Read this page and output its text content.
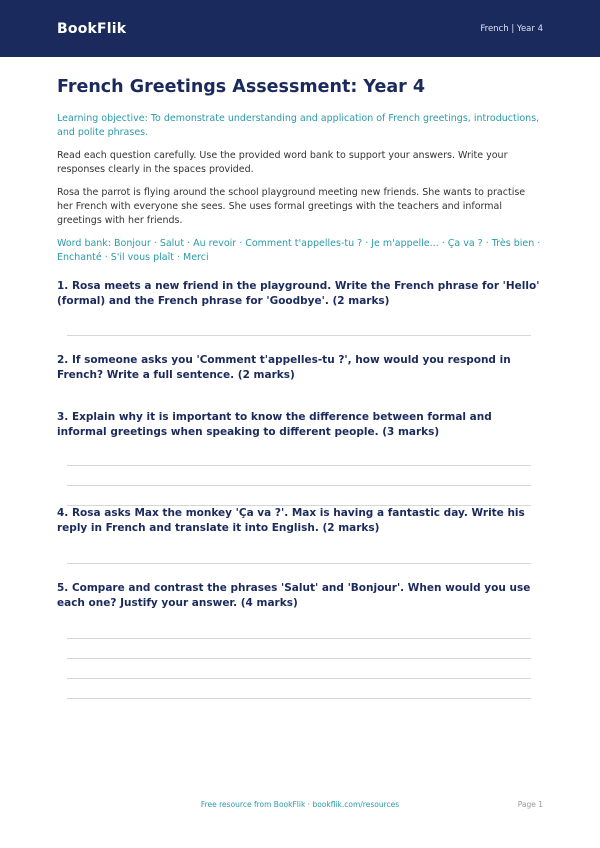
BookFlik	French | Year 4
French Greetings Assessment: Year 4

Learning objective: To demonstrate understanding and application of French greetings, introductions, and polite phrases.

Read each question carefully. Use the provided word bank to support your answers. Write your responses clearly in the spaces provided.

Rosa the parrot is flying around the school playground meeting new friends. She wants to practise her French with everyone she sees. She uses formal greetings with the teachers and informal greetings with her friends.

Word bank: Bonjour · Salut · Au revoir · Comment t'appelles-tu ? · Je m'appelle... · Ça va ? · Très bien · Enchanté · S'il vous plaît · Merci

1. Rosa meets a new friend in the playground. Write the French phrase for 'Hello' (formal) and the French phrase for 'Goodbye'. (2 marks)

2. If someone asks you 'Comment t'appelles-tu ?', how would you respond in French? Write a full sentence. (2 marks)

3. Explain why it is important to know the difference between formal and informal greetings when speaking to different people. (3 marks)

4. Rosa asks Max the monkey 'Ça va ?'. Max is having a fantastic day. Write his reply in French and translate it into English. (2 marks)

5. Compare and contrast the phrases 'Salut' and 'Bonjour'. When would you use each one? Justify your answer. (4 marks)

Free resource from BookFlik · bookflik.com/resources	Page 1
